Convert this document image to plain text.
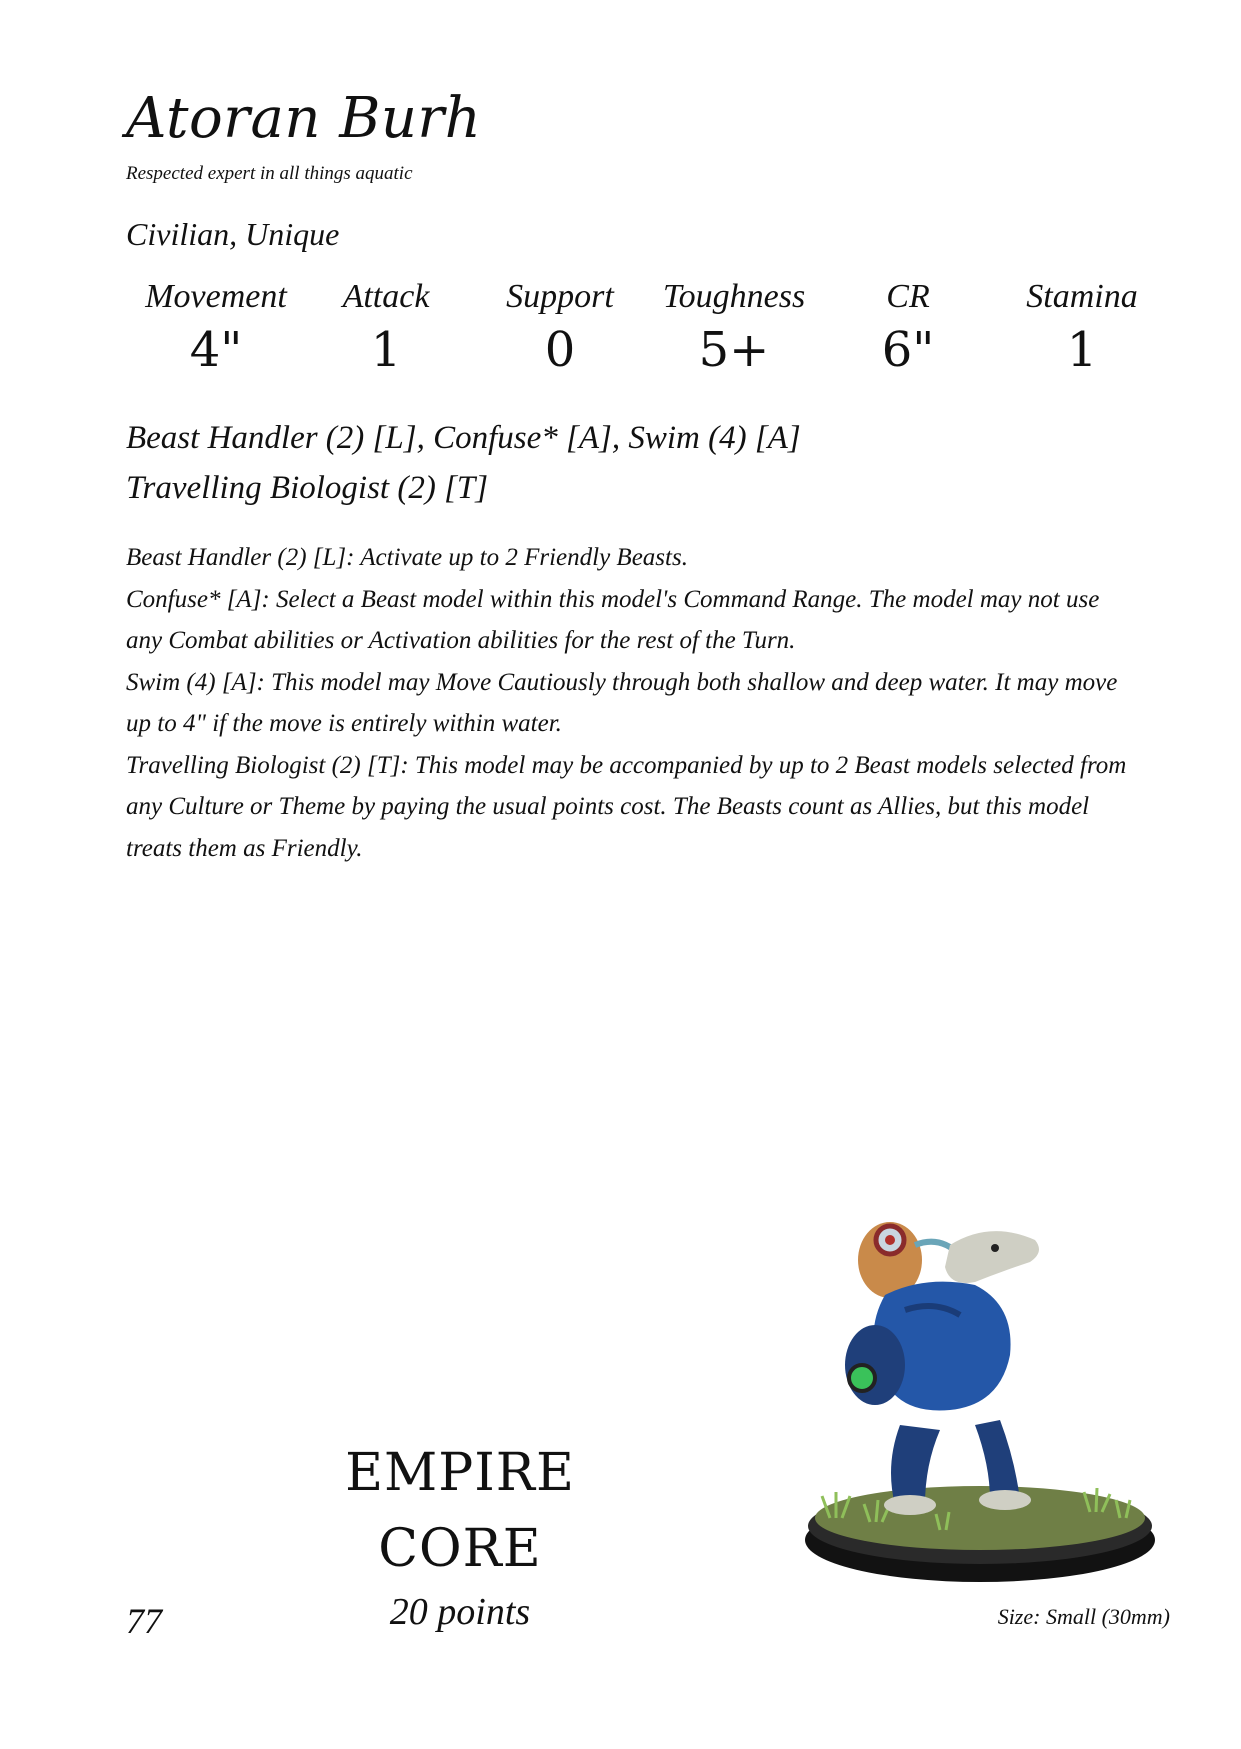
Atoran Burh
Respected expert in all things aquatic
Civilian, Unique
Movement
4"
Attack
1
Support
0
Toughness
5+
CR
6"
Stamina
1
Beast Handler (2) [L], Confuse* [A], Swim (4) [A]
Travelling Biologist (2) [T]

Beast Handler (2) [L]: Activate up to 2 Friendly Beasts.

Confuse* [A]: Select a Beast model within this model's Command Range. The model may not use any Combat abilities or Activation abilities for the rest of the Turn.

Swim (4) [A]: This model may Move Cautiously through both shallow and deep water. It may move up to 4" if the move is entirely within water.

Travelling Biologist (2) [T]: This model may be accompanied by up to 2 Beast models selected from any Culture or Theme by paying the usual points cost. The Beasts count as Allies, but this model treats them as Friendly.

EMPIRE
CORE
20 points
77	Size: Small (30mm)
